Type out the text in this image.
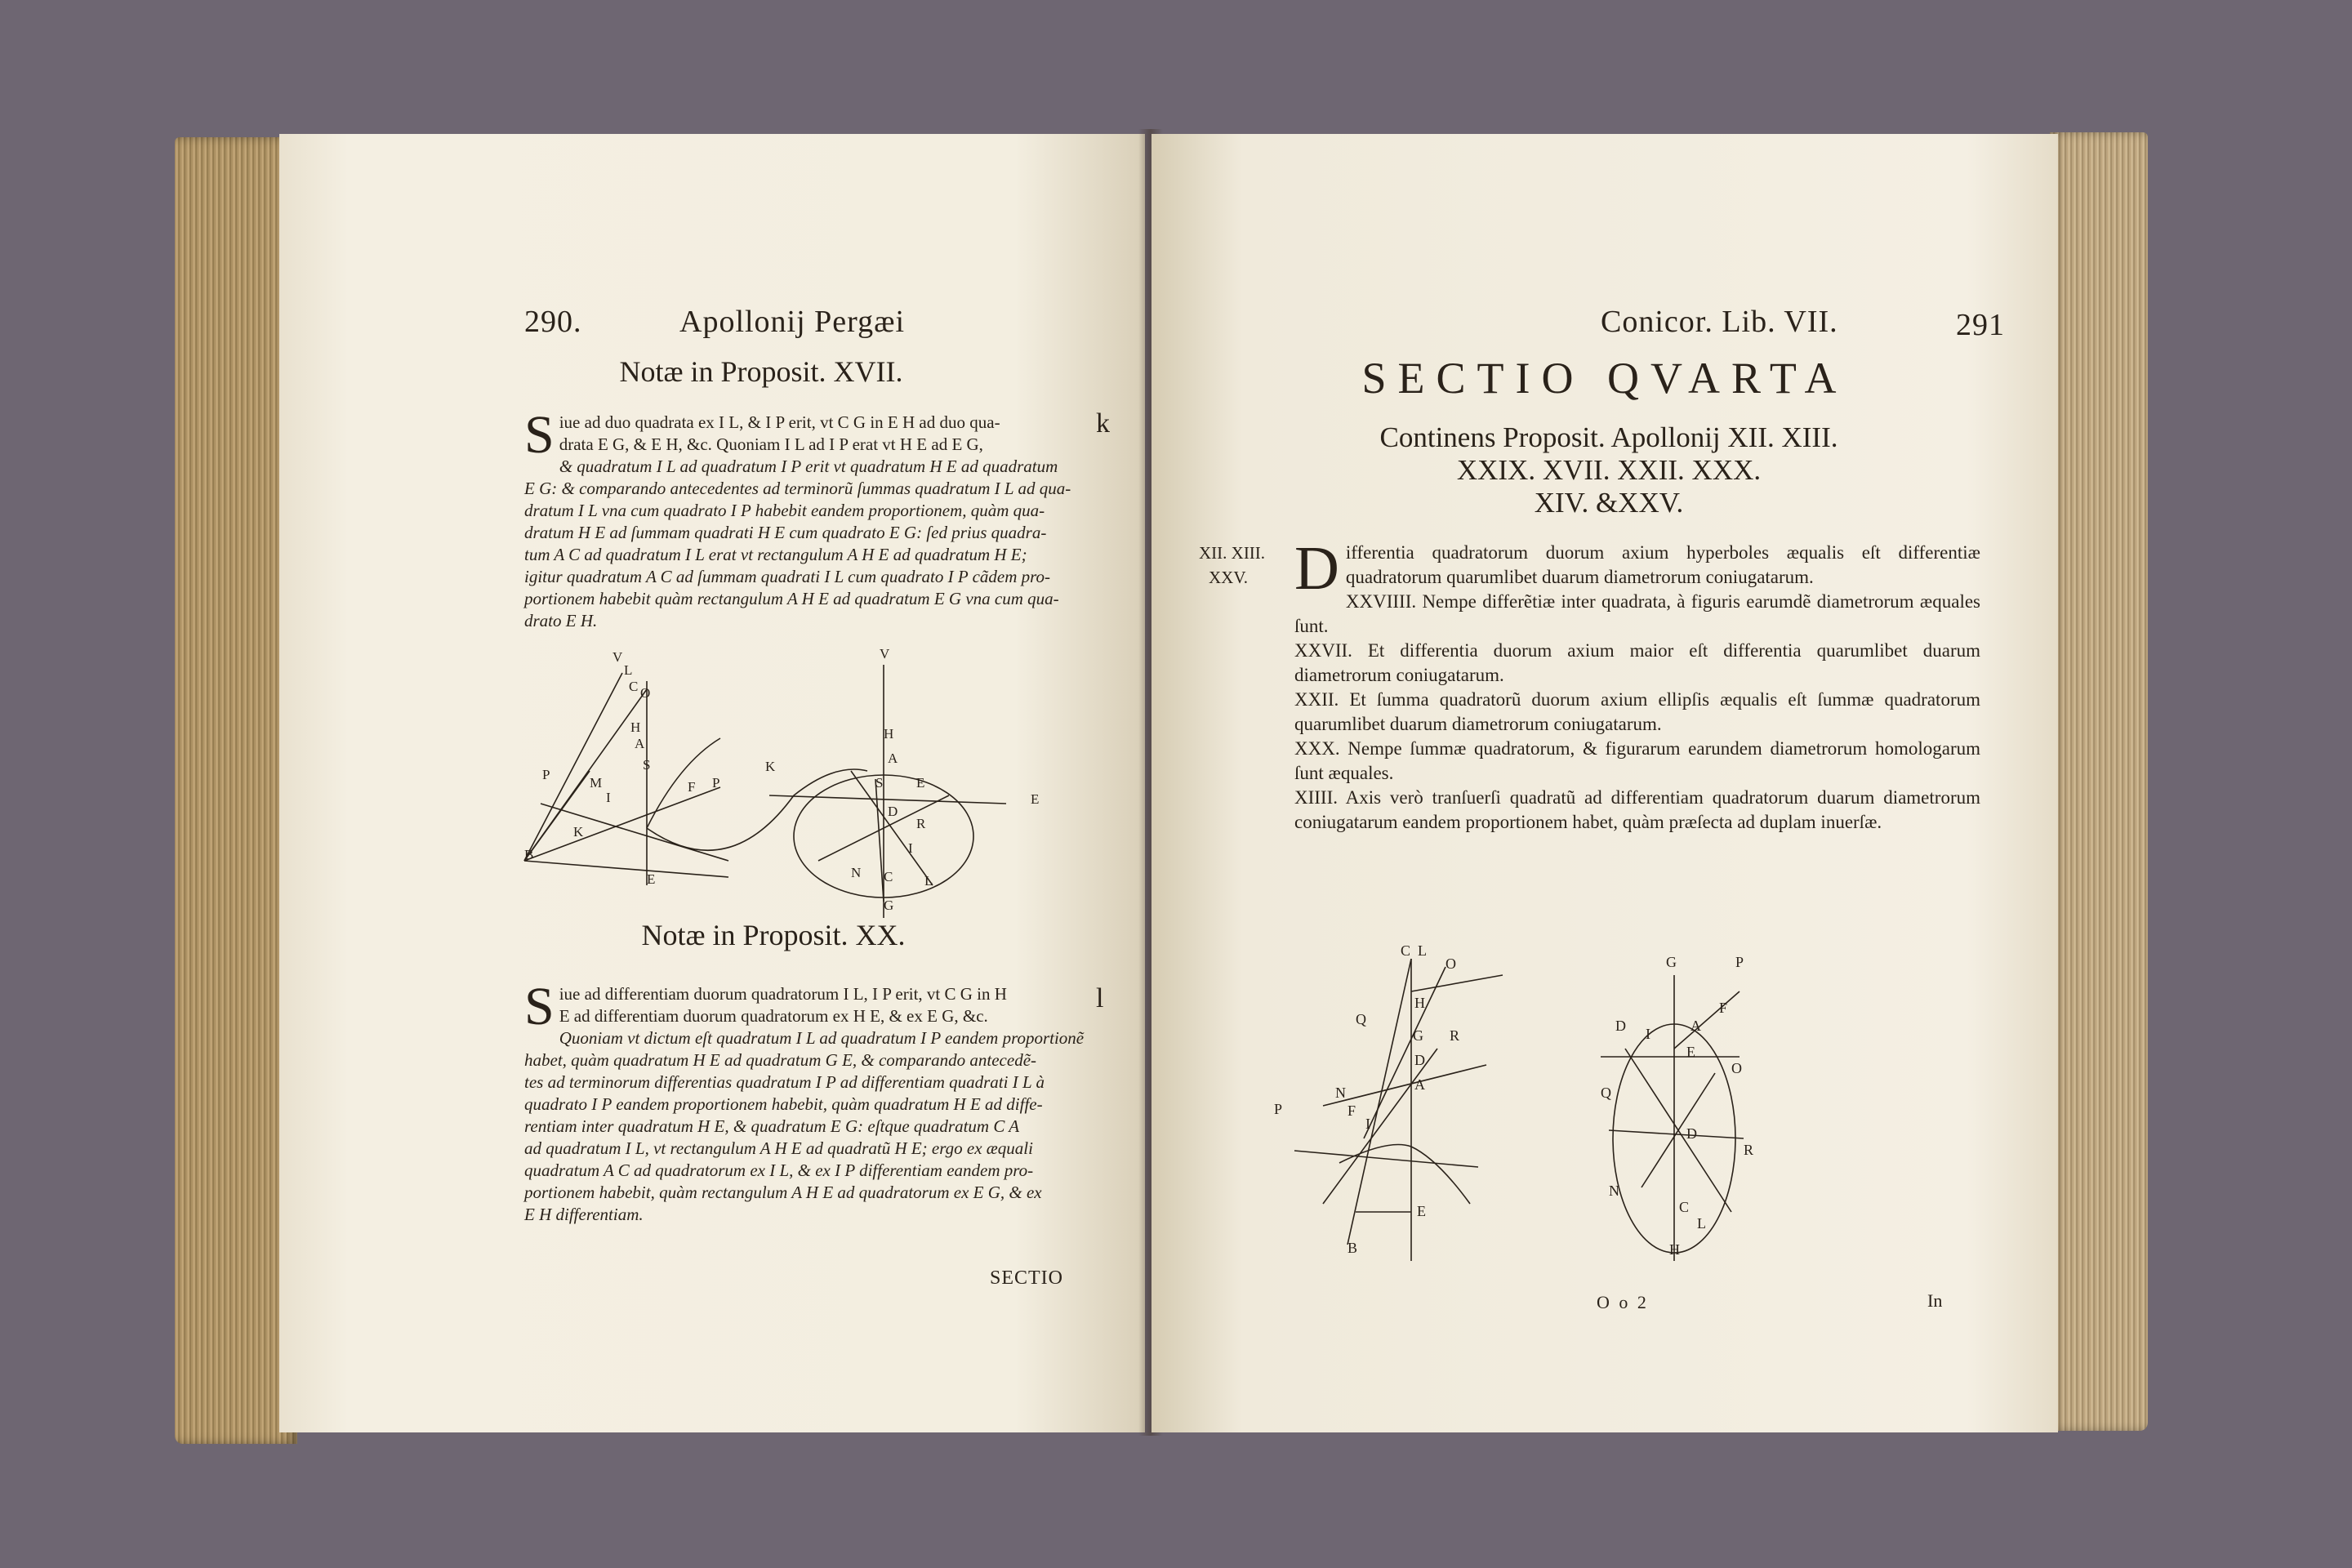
290.	Apollonij Pergæi
Notæ in Proposit. XVII.
k
S iue ad duo quadrata ex I L, & I P erit, vt C G in E H ad duo qua-
drata E G, & E H, &c. Quoniam I L ad I P erat vt H E ad E G,
& quadratum I L ad quadratum I P erit vt quadratum H E ad quadratum
E G: & comparando antecedentes ad terminorũ ſummas quadratum I L ad qua-
dratum I L vna cum quadrato I P habebit eandem proportionem, quàm qua-
dratum H E ad ſummam quadrati H E cum quadrato E G: ſed prius quadra-
tum A C ad quadratum I L erat vt rectangulum A H E ad quadratum H E;
igitur quadratum A C ad ſummam quadrati I L cum quadrato I P cãdem pro-
portionem habebit quàm rectangulum A H E ad quadratum E G vna cum qua-
drato E H.
V
L
C O
H
A
S
P
M
I
K
B
E
F P
K
V
H
A
E
S
D
I
N C L
G
E
R
Notæ in Proposit. XX.
l
S iue ad differentiam duorum quadratorum I L, I P erit, vt C G in H
E ad differentiam duorum quadratorum ex H E, & ex E G, &c.
Quoniam vt dictum eſt quadratum I L ad quadratum I P eandem proportionẽ
habet, quàm quadratum H E ad quadratum G E, & comparando antecedẽ-
tes ad terminorum differentias quadratum I P ad differentiam quadrati I L à
quadrato I P eandem proportionem habebit, quàm quadratum H E ad diffe-
rentiam inter quadratum H E, & quadratum E G: eſtque quadratum C A
ad quadratum I L, vt rectangulum A H E ad quadratũ H E; ergo ex æquali
quadratum A C ad quadratorum ex I L, & ex I P differentiam eandem pro-
portionem habebit, quàm rectangulum A H E ad quadratorum ex E G, & ex
E H differentiam.
SECTIO
Conicor. Lib. VII.	291
SECTIO QVARTA
Continens Proposit. Apollonij XII. XIII.
XXIX. XVII. XXII. XXX.
XIV. &XXV.
XII. XIII.
XXV. Differentia quadratorum duorum axium hyperboles æqualis eſt differentiæ quadratorum quarumlibet duarum diametrorum coniugatarum.

XXVIIII. Nempe differẽtiæ inter quadrata, à figuris earumdẽ diametrorum æquales ſunt.

XXVII. Et differentia duorum axium maior eſt differentia quarumlibet duarum diametrorum coniugatarum.

XXII. Et ſumma quadratorũ duorum axium ellipſis æqualis eſt ſummæ quadratorum quarumlibet duarum diametrorum coniugatarum.

XXX. Nempe ſummæ quadratorum, & figurarum earundem diametrorum homologarum ſunt æquales.

XIIII. Axis verò tranſuerſi quadratũ ad differentiam quadratorum duarum diametrorum coniugatarum eandem proportionem habet, quàm præſecta ad duplam inuerſæ.

C L
O
H
Q
G R
D
A
N
F
I
P
E
B
G	P
F
A
I
D
E
O
Q
D
R
N
C
L
H
O o 2	In
